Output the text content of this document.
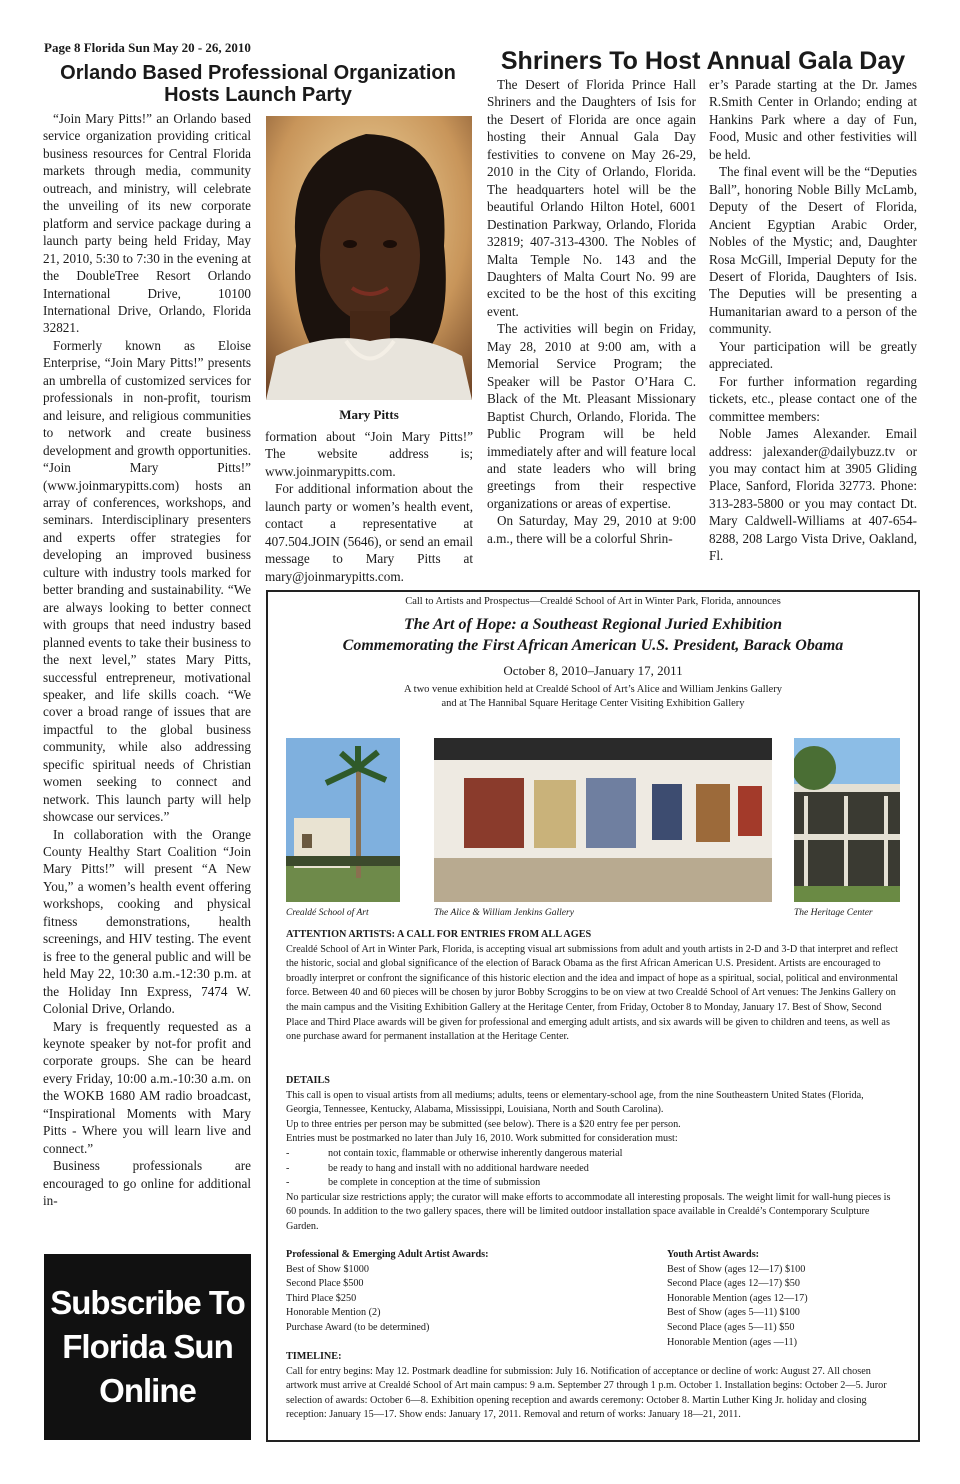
Page 8 Florida Sun May 20 - 26, 2010
Orlando Based Professional Organization Hosts Launch Party

“Join Mary Pitts!” an Orlando based service organization providing critical business resources for Central Florida markets through media, community outreach, and ministry, will celebrate the unveiling of its new corporate platform and service package during a launch party being held Friday, May 21, 2010, 5:30 to 7:30 in the evening at the DoubleTree Resort Orlando International Drive, 10100 International Drive, Orlando, Florida 32821.

Formerly known as Eloise Enterprise, “Join Mary Pitts!” presents an umbrella of customized services for professionals in non-profit, tourism and leisure, and religious communities to network and create business development and growth opportunities. “Join Mary Pitts!” (www.joinmarypitts.com) hosts an array of conferences, workshops, and seminars. Interdisciplinary presenters and experts offer strategies for developing an improved business culture with industry tools marked for better branding and sustainability. “We are always looking to better connect with groups that need industry based planned events to take their business to the next level,” states Mary Pitts, successful entrepreneur, motivational speaker, and life skills coach. “We cover a broad range of issues that are impactful to the global business community, while also addressing specific spiritual needs of Christian women seeking to connect and network. This launch party will help showcase our services.”

In collaboration with the Orange County Healthy Start Coalition “Join Mary Pitts!” will present “A New You,” a women’s health event offering workshops, cooking and physical fitness demonstrations, health screenings, and HIV testing. The event is free to the general public and will be held May 22, 10:30 a.m.-12:30 p.m. at the Holiday Inn Express, 7474 W. Colonial Drive, Orlando.

Mary is frequently requested as a keynote speaker by not-for profit and corporate groups. She can be heard every Friday, 10:00 a.m.-10:30 a.m. on the WOKB 1680 AM radio broadcast, “Inspirational Moments with Mary Pitts - Where you will learn live and connect.”

Business professionals are encouraged to go online for additional in-

Mary Pitts

formation about “Join Mary Pitts!” The website address is; www.joinmarypitts.com.

For additional information about the launch party or women’s health event, contact a representative at 407.504.JOIN (5646), or send an email message to Mary Pitts at mary@joinmarypitts.com.

Shriners To Host Annual Gala Day

The Desert of Florida Prince Hall Shriners and the Daughters of Isis for the Desert of Florida are once again hosting their Annual Gala Day festivities to convene on May 26-29, 2010 in the City of Orlando, Florida. The headquarters hotel will be the beautiful Orlando Hilton Hotel, 6001 Destination Parkway, Orlando, Florida 32819; 407-313-4300. The Nobles of Malta Temple No. 143 and the Daughters of Malta Court No. 99 are excited to be the host of this exciting event.

The activities will begin on Friday, May 28, 2010 at 9:00 am, with a Memorial Service Program; the Speaker will be Pastor O’Hara C. Black of the Mt. Pleasant Missionary Baptist Church, Orlando, Florida. The Public Program will be held immediately after and will feature local and state leaders who will bring greetings from their respective organizations or areas of expertise.

On Saturday, May 29, 2010 at 9:00 a.m., there will be a colorful Shrin-

er’s Parade starting at the Dr. James R.Smith Center in Orlando; ending at Hankins Park where a day of Fun, Food, Music and other festivities will be held.

The final event will be the “Deputies Ball”, honoring Noble Billy McLamb, Deputy of the Desert of Florida, Ancient Egyptian Arabic Order, Nobles of the Mystic; and, Daughter Rosa McGill, Imperial Deputy for the Desert of Florida, Daughters of Isis. The Deputies will be presenting a Humanitarian award to a person of the community.

Your participation will be greatly appreciated.

For further information regarding tickets, etc., please contact one of the committee members:

Noble James Alexander. Email address: jalexander@dailybuzz.tv or you may contact him at 3905 Gliding Place, Sanford, Florida 32773. Phone: 313-283-5800 or you may contact Dt. Mary Caldwell-Williams at 407-654-8288, 208 Largo Vista Drive, Oakland, Fl.

Subscribe To
Florida Sun
Online
Call to Artists and Prospectus—Crealdé School of Art in Winter Park, Florida, announces
The Art of Hope: a Southeast Regional Juried Exhibition
Commemorating the First African American U.S. President, Barack Obama
October 8, 2010–January 17, 2011
A two venue exhibition held at Crealdé School of Art’s Alice and William Jenkins Gallery
and at The Hannibal Square Heritage Center Visiting Exhibition Gallery
Crealdé School of Art	The Alice & William Jenkins Gallery	The Heritage Center
ATTENTION ARTISTS: A CALL FOR ENTRIES FROM ALL AGES
Crealdé School of Art in Winter Park, Florida, is accepting visual art submissions from adult and youth artists in 2-D and 3-D that interpret and reflect the historic, social and global significance of the election of Barack Obama as the first African American U.S. President. Artists are encouraged to broadly interpret or confront the significance of this historic election and the idea and impact of hope as a spiritual, social, political and environmental force. Between 40 and 60 pieces will be chosen by juror Bobby Scroggins to be on view at two Crealdé School of Art venues: The Jenkins Gallery on the main campus and the Visiting Exhibition Gallery at the Heritage Center, from Friday, October 8 to Monday, January 17. Best of Show, Second Place and Third Place awards will be given for professional and emerging adult artists, and six awards will be given to children and teens, as well as one purchase award for permanent installation at the Heritage Center.
DETAILS
This call is open to visual artists from all mediums; adults, teens or elementary-school age, from the nine Southeastern United States (Florida, Georgia, Tennessee, Kentucky, Alabama, Mississippi, Louisiana, North and South Carolina).
Up to three entries per person may be submitted (see below). There is a $20 entry fee per person.
Entries must be postmarked no later than July 16, 2010. Work submitted for consideration must:
-	not contain toxic, flammable or otherwise inherently dangerous material
-	be ready to hang and install with no additional hardware needed
-	be complete in conception at the time of submission
No particular size restrictions apply; the curator will make efforts to accommodate all interesting proposals. The weight limit for wall-hung pieces is 60 pounds. In addition to the two gallery spaces, there will be limited outdoor installation space available in Crealdé’s Contemporary Sculpture Garden.
Professional & Emerging Adult Artist Awards:
Best of Show $1000
Second Place $500
Third Place $250
Honorable Mention (2)
Purchase Award (to be determined)
Youth Artist Awards:
Best of Show (ages 12—17) $100
Second Place (ages 12—17) $50
Honorable Mention (ages 12—17)
Best of Show (ages 5—11) $100
Second Place (ages 5—11) $50
Honorable Mention (ages —11)
TIMELINE:
Call for entry begins: May 12. Postmark deadline for submission: July 16. Notification of acceptance or decline of work: August 27. All chosen artwork must arrive at Crealdé School of Art main campus: 9 a.m. September 27 through 1 p.m. October 1. Installation begins: October 2—5. Juror selection of awards: October 6—8. Exhibition opening reception and awards ceremony: October 8. Martin Luther King Jr. holiday and closing reception: January 15—17. Show ends: January 17, 2011. Removal and return of works: January 18—21, 2011.
